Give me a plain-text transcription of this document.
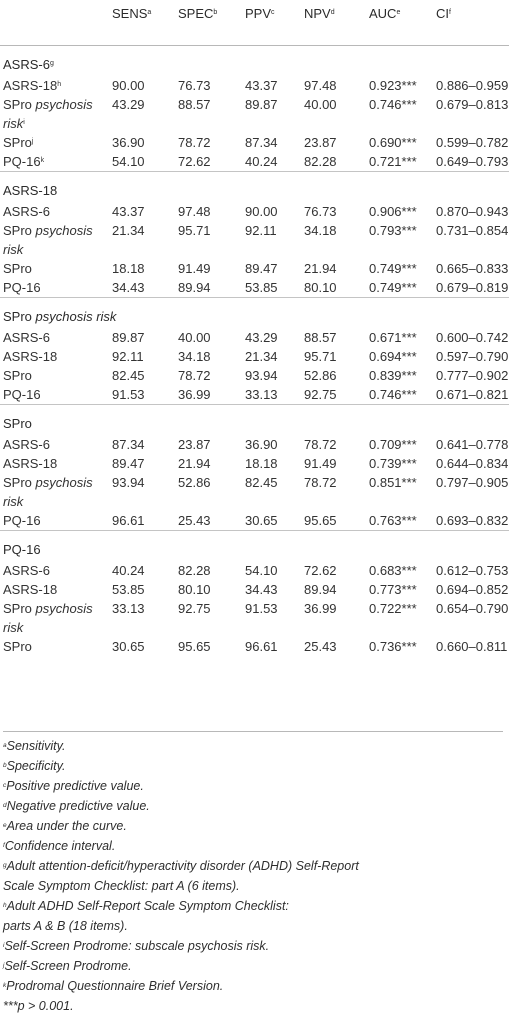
	SENS$^a$	SPEC$^b$	PPV$^c$	NPV$^d$	AUC$^e$	$CI^f$
ASRS-6$^g$
ASRS-18$^h$	90.00	76.73	43.37	97.48	0.923***	0.886–0.959
SPro psychosis
risk$^i$	43.29	88.57	89.87	40.00	0.746***	0.679–0.813
SPro$^j$	36.90	78.72	87.34	23.87	0.690***	0.599–0.782
PQ-16$^k$	54.10	72.62	40.24	82.28	0.721***	0.649–0.793
ASRS-18						
ASRS-6	43.37	97.48	90.00	76.73	0.906***	0.870–0.943
SPro psychosis
risk	21.34	95.71	92.11	34.18	0.793***	0.731–0.854
SPro	18.18	91.49	89.47	21.94	0.749***	0.665–0.833
PQ-16	34.43	89.94	53.85	80.10	0.749***	0.679–0.819
SPro psychosis risk						
ASRS-6	89.87	40.00	43.29	88.57	0.671***	0.600–0.742
ASRS-18	92.11	34.18	21.34	95.71	0.694***	0.597–0.790
SPro	82.45	78.72	93.94	52.86	0.839***	0.777–0.902
PQ-16	91.53	36.99	33.13	92.75	0.746***	0.671–0.821
SPro						
ASRS-6	87.34	23.87	36.90	78.72	0.709***	0.641–0.778
ASRS-18	89.47	21.94	18.18	91.49	0.739***	0.644–0.834
SPro psychosis
risk	93.94	52.86	82.45	78.72	0.851***	0.797–0.905
PQ-16	96.61	25.43	30.65	95.65	0.763***	0.693–0.832
PQ-16						
ASRS-6	40.24	82.28	54.10	72.62	0.683***	0.612–0.753
ASRS-18	53.85	80.10	34.43	89.94	0.773***	0.694–0.852
SPro psychosis
risk	33.13	92.75	91.53	36.99	0.722***	0.654–0.790
SPro	30.65	95.65	96.61	25.43	0.736***	0.660–0.811
$^a$Sensitivity.
$^b$Specificity.
$^c$Positive predictive value.
$^d$Negative predictive value.
$^e$Area under the curve.
$^f$Confidence interval.
$^g$Adult attention-deficit/hyperactivity disorder (ADHD) Self-Report
Scale Symptom Checklist: part A (6 items).
$^h$Adult ADHD Self-Report Scale Symptom Checklist:
parts A & B (18 items).
$^i$Self-Screen Prodrome: subscale psychosis risk.
$^j$Self-Screen Prodrome.
$^k$Prodromal Questionnaire Brief Version.
***p > 0.001.
